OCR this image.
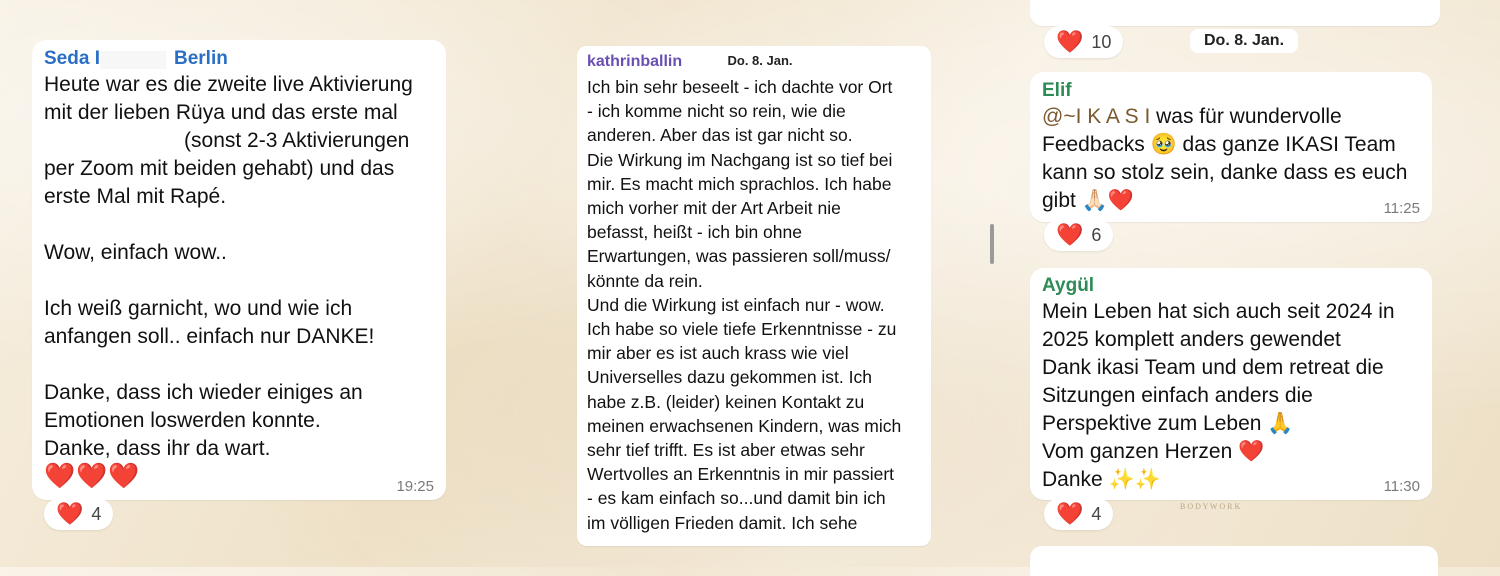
Seda I	Berlin
Heute war es die zweite live Aktivierung
mit der lieben Rüya und das erste mal
(sonst 2-3 Aktivierungen
per Zoom mit beiden gehabt) und das
erste Mal mit Rapé.

Wow, einfach wow..

Ich weiß garnicht, wo und wie ich
anfangen soll.. einfach nur DANKE!

Danke, dass ich wieder einiges an
Emotionen loswerden konnte.
Danke, dass ihr da wart.
❤️❤️❤️	19:25
❤️ 4
kathrinballin
Ich bin sehr beseelt - ich dachte vor Ort
- ich komme nicht so rein, wie die
anderen. Aber das ist gar nicht so.
Die Wirkung im Nachgang ist so tief bei
mir. Es macht mich sprachlos. Ich habe
mich vorher mit der Art Arbeit nie
befasst, heißt - ich bin ohne
Erwartungen, was passieren soll/muss/
könnte da rein.
Und die Wirkung ist einfach nur - wow.
Ich habe so viele tiefe Erkenntnisse - zu
mir aber es ist auch krass wie viel
Universelles dazu gekommen ist. Ich
habe z.B. (leider) keinen Kontakt zu
meinen erwachsenen Kindern, was mich
sehr tief trifft. Es ist aber etwas sehr
Wertvolles an Erkenntnis in mir passiert
- es kam einfach so...und damit bin ich
im völligen Frieden damit. Ich sehe
Do. 8. Jan.
❤️ 10	Do. 8. Jan.
Elif
@~I K A S I was für wundervolle
Feedbacks 🥹 das ganze IKASI Team
kann so stolz sein, danke dass es euch
gibt 🙏🏻❤️	11:25
❤️ 6
Aygül
Mein Leben hat sich auch seit 2024 in
2025 komplett anders gewendet
Dank ikasi Team und dem retreat die
Sitzungen einfach anders die
Perspektive zum Leben 🙏
Vom ganzen Herzen ❤️
Danke ✨✨	11:30
❤️ 4	B O D Y W O R K
